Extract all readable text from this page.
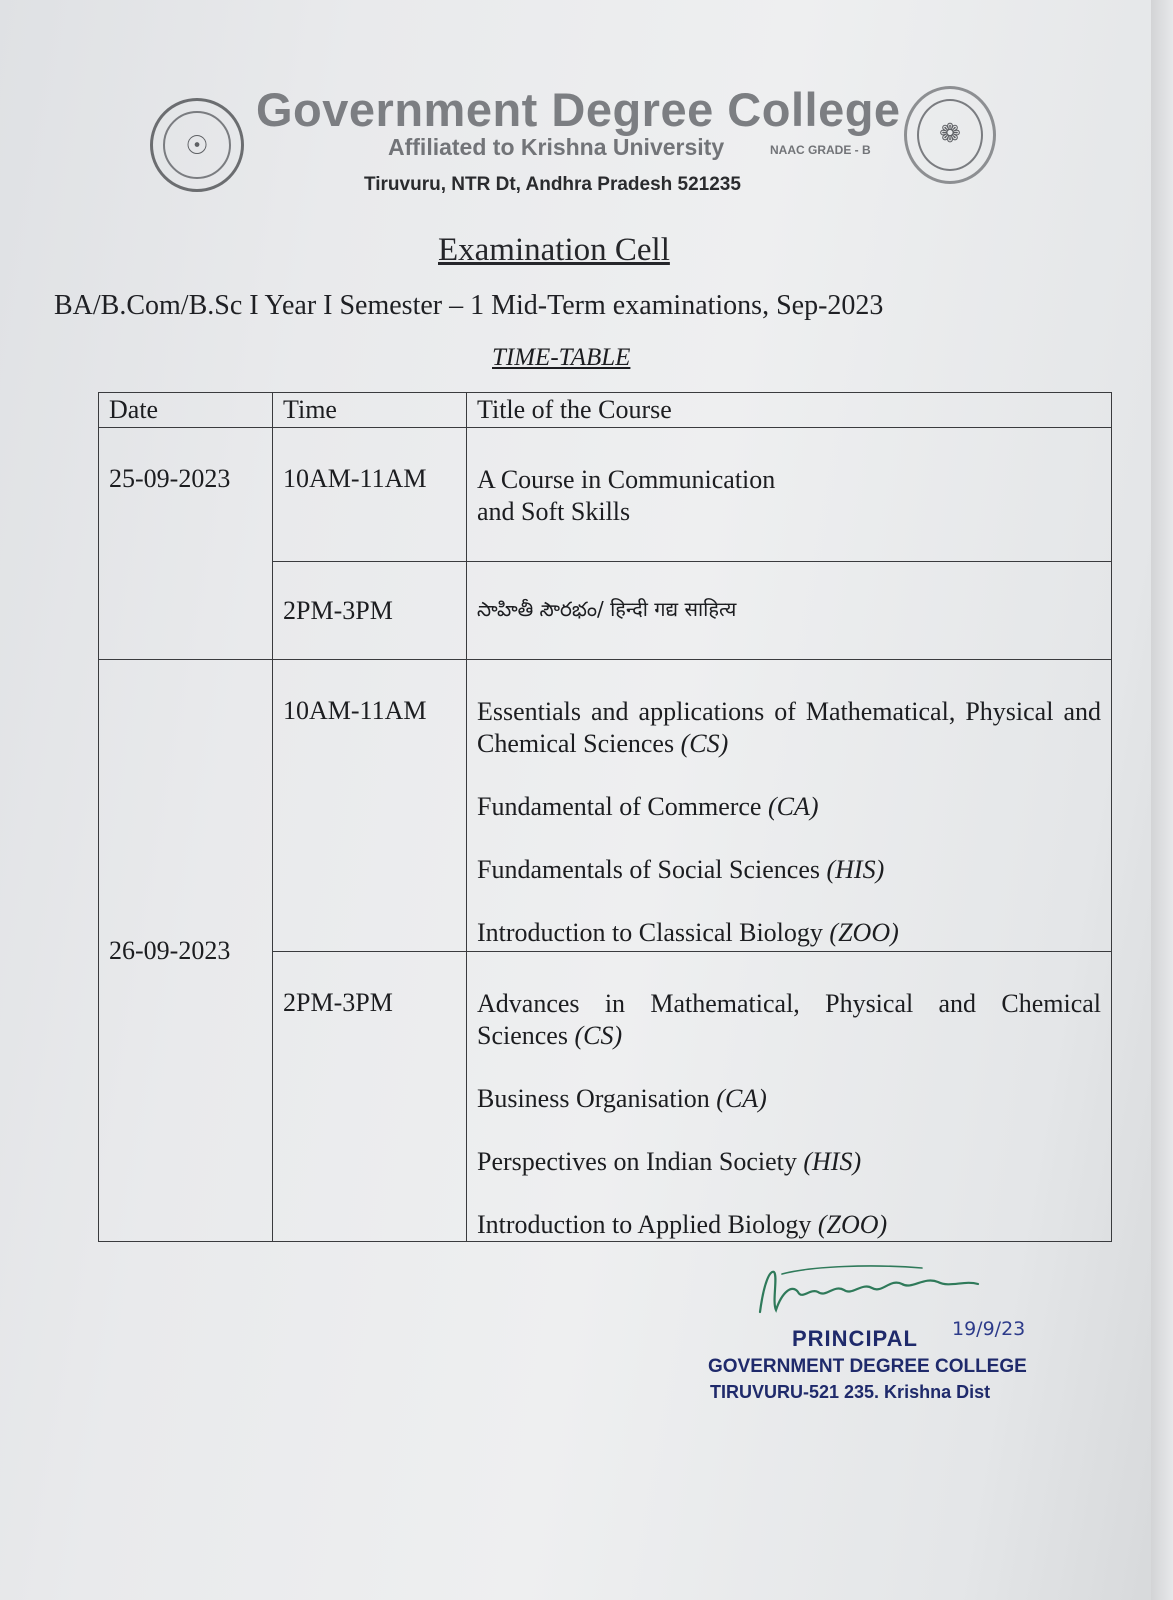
☉	❁
Government Degree College
Affiliated to Krishna University	NAAC GRADE - B
Tiruvuru, NTR Dt, Andhra Pradesh 521235
Examination Cell
BA/B.Com/B.Sc I Year I Semester – 1 Mid-Term examinations, Sep-2023
TIME-TABLE
Date	Time	Title of the Course
25-09-2023	10AM-11AM	A Course in Communication
and Soft Skills

	2PM-3PM	సాహితీ సౌరభం/ हिन्दी गद्य साहित्य
26-09-2023	10AM-11AM	Essentials and applications of Mathematical, Physical and Chemical Sciences (CS)
Fundamental of Commerce (CA)
Fundamentals of Social Sciences (HIS)
Introduction to Classical Biology (ZOO)

	2PM-3PM	Advances in Mathematical, Physical and Chemical Sciences (CS)
Business Organisation (CA)
Perspectives on Indian Society (HIS)
Introduction to Applied Biology (ZOO)
PRINCIPAL 19/9/23
GOVERNMENT DEGREE COLLEGE
TIRUVURU-521 235. Krishna Dist
